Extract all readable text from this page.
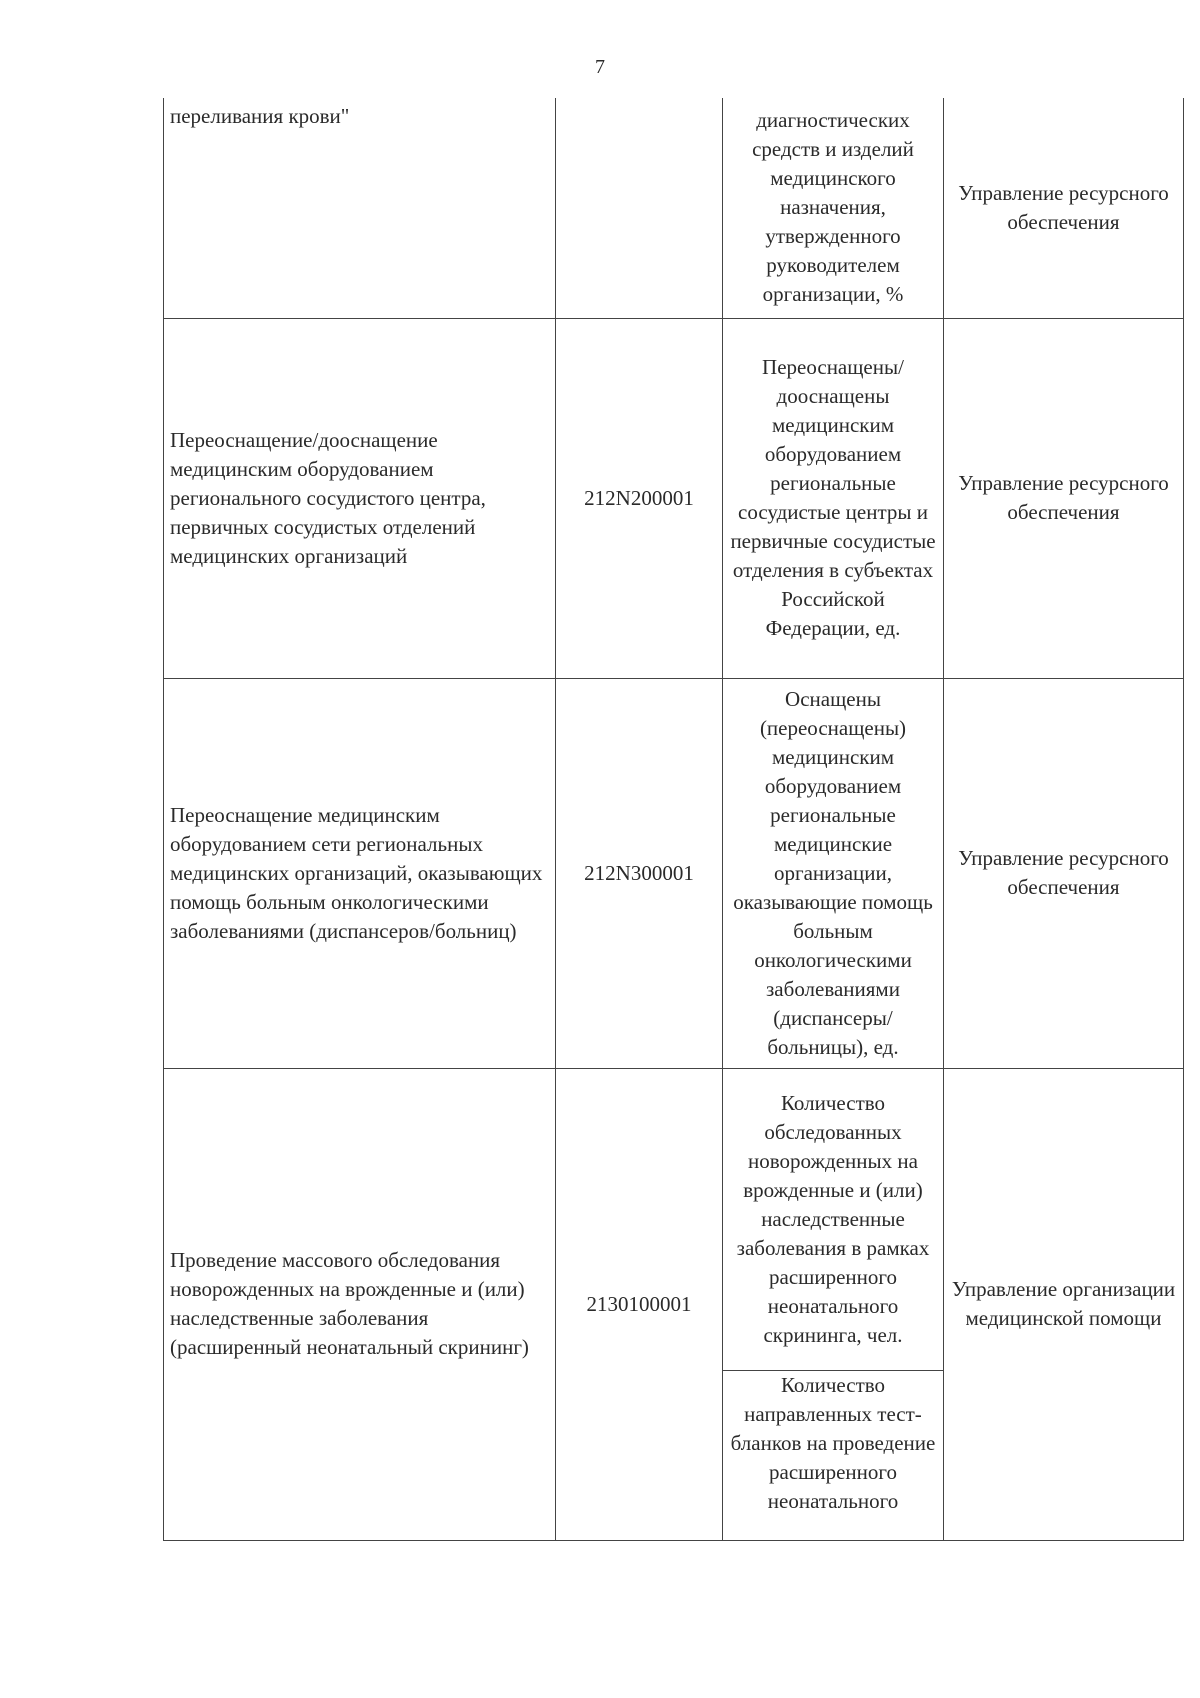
7
переливания крови"		диагностических средств и изделий медицинского назначения, утвержденного руководителем организации, %	Управление ресурсного обеспечения
Переоснащение/дооснащение медицинским оборудованием регионального сосудистого центра, первичных сосудистых отделений медицинских организаций	212N200001	Переоснащены/дооснащены медицинским оборудованием региональные сосудистые центры и первичные сосудистые отделения в субъектах Российской Федерации, ед.	Управление ресурсного обеспечения
Переоснащение медицинским оборудованием сети региональных медицинских организаций, оказывающих помощь больным онкологическими заболеваниями (диспансеров/больниц)	212N300001	Оснащены (переоснащены) медицинским оборудованием региональные медицинские организации, оказывающие помощь больным онкологическими заболеваниями (диспансеры/больницы), ед.	Управление ресурсного обеспечения
Проведение массового обследования новорожденных на врожденные и (или) наследственные заболевания (расширенный неонатальный скрининг)	2130100001	Количество обследованных новорожденных на врожденные и (или) наследственные заболевания в рамках расширенного неонатального скрининга, чел.	Управление организации медицинской помощи

		Количество направленных тест-бланков на проведение расширенного неонатального	
